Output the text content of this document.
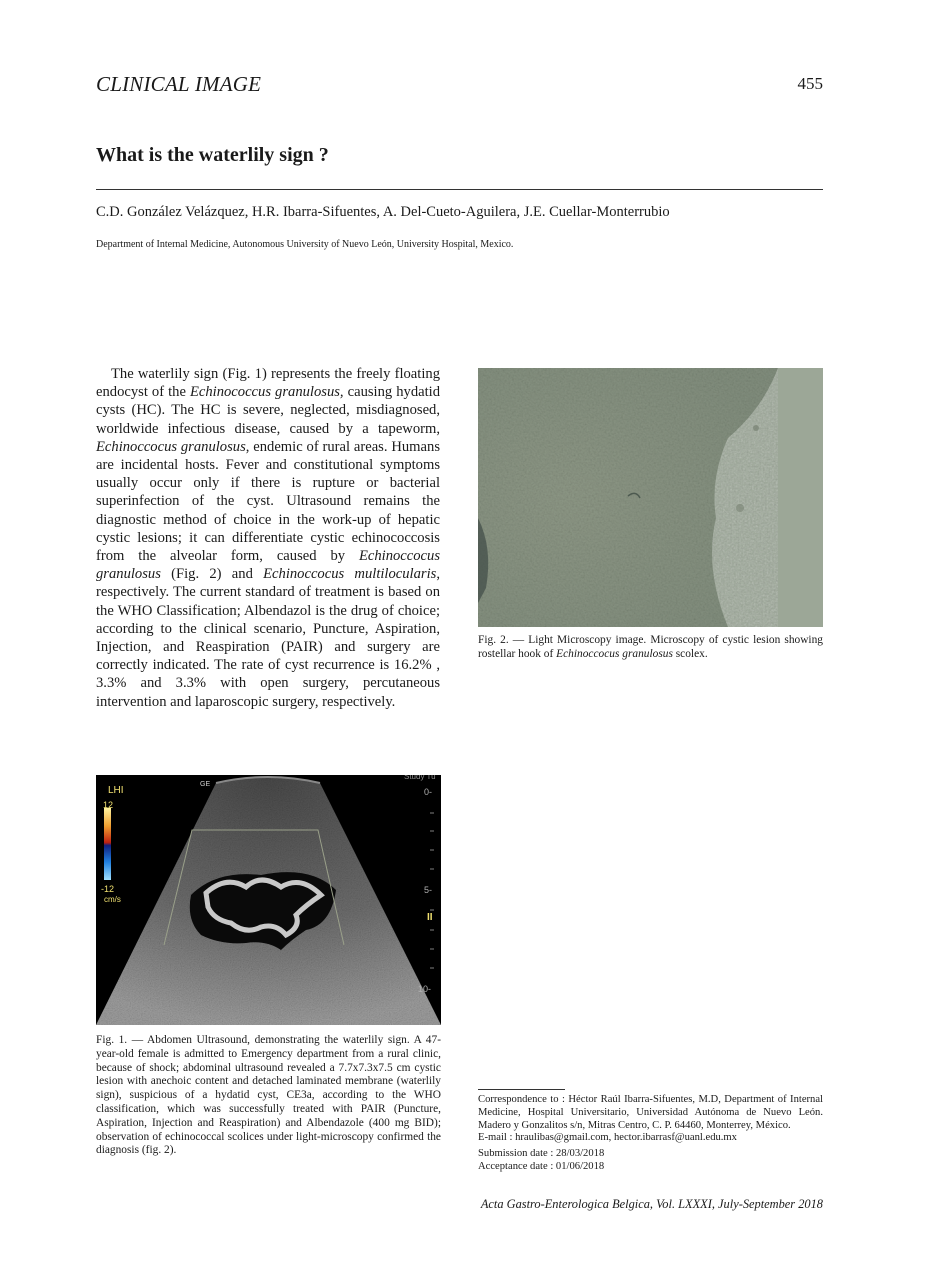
CLINICAL IMAGE	455
What is the waterlily sign ?
C.D. González Velázquez, H.R. Ibarra-Sifuentes, A. Del-Cueto-Aguilera, J.E. Cuellar-Monterrubio
Department of Internal Medicine, Autonomous University of Nuevo León, University Hospital, Mexico.

The waterlily sign (Fig. 1) represents the freely floating endocyst of the Echinococcus granulosus, causing hydatid cysts (HC). The HC is severe, neglected, misdiagnosed, worldwide infectious disease, caused by a tapeworm, Echinoccocus granulosus, endemic of rural areas. Humans are incidental hosts. Fever and constitutional symptoms usually occur only if there is rupture or bacterial superinfection of the cyst. Ultrasound remains the diagnostic method of choice in the work-up of hepatic cystic lesions; it can differentiate cystic echinococcosis from the alveolar form, caused by Echinoccocus granulosus (Fig. 2) and Echinoccocus multilocularis, respectively. The current standard of treatment is based on the WHO Classification; Albendazol is the drug of choice; according to the clinical scenario, Puncture, Aspiration, Injection, and Reaspiration (PAIR) and surgery are correctly indicated. The rate of cyst recurrence is 16.2% , 3.3% and 3.3% with open surgery, percutaneous intervention and laparoscopic surgery, respectively.

Fig. 2. — Light Microscopy image. Microscopy of cystic lesion showing rostellar hook of Echinoccocus granulosus scolex.

LHI
12
-12
cm/s
GE
Study Tu
0-
5-
10-
II

Fig. 1. — Abdomen Ultrasound, demonstrating the waterlily sign. A 47-year-old female is admitted to Emergency department from a rural clinic, because of shock; abdominal ultrasound revealed a 7.7x7.3x7.5 cm cystic lesion with anechoic content and detached laminated membrane (waterlily sign), suspicious of a hydatid cyst, CE3a, according to the WHO classification, which was successfully treated with PAIR (Puncture, Aspiration, Injection and Reaspiration) and Albendazole (400 mg BID); observation of echinococcal scolices under light-microscopy confirmed the diagnosis (fig. 2).

Correspondence to : Héctor Raúl Ibarra-Sifuentes, M.D, Department of Internal Medicine, Hospital Universitario, Universidad Autónoma de Nuevo León. Madero y Gonzalitos s/n, Mitras Centro, C. P. 64460, Monterrey, México.
E-mail : hraulibas@gmail.com, hector.ibarrasf@uanl.edu.mx

Submission date : 28/03/2018
Acceptance date : 01/06/2018
Acta Gastro-Enterologica Belgica, Vol. LXXXI, July-September 2018
